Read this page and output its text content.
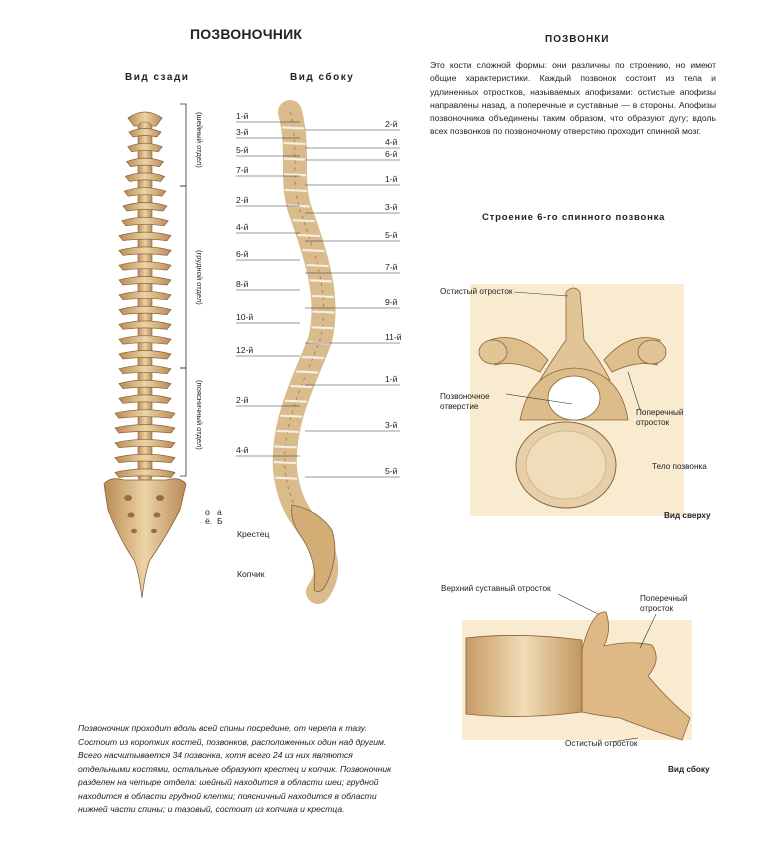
ПОЗВОНОЧНИК
Вид сзади	Вид сбоку
ПОЗВОНКИ
Это кости сложной формы: они различны по строению, но имеют общие характеристики. Каждый позвонок состоит из тела и удлиненных отростков, называемых апофизами: остистые апофизы направлены назад, а поперечные и суставные — в стороны. Апофизы позвоночника объединены таким образом, что образуют дугу; вдоль всех позвонков по позвоночному отверстию проходит спинной мозг.
Строение 6-го спинного позвонка
(шейный отдел)
(грудной отдел)
(поясничный отдел)
о а
ё. Б
1-й
3-й
5-й
7-й
2-й
4-й
6-й
8-й
10-й
12-й
2-й
4-й
2-й
4-й
6-й
1-й
3-й
5-й
7-й
9-й
11-й
1-й
3-й
5-й
Крестец
Копчик
Остистый отросток
Позвоночное отверстие
Поперечный отросток
Тело позвонка
Вид сверху
Верхний суставный отросток
Поперечный отросток
Остистый отросток
Вид сбоку
Позвоночник проходит вдоль всей спины посредине, от черепа к тазу. Состоит из коротких костей, позвонков, расположенных один над другим. Всего насчитывается 34 позвонка, хотя всего 24 из них являются отдельными костями, остальные образуют крестец и копчик. Позвоночник разделен на четыре отдела: шейный находится в области шеи; грудной находится в области грудной клетки; поясничный находится в области нижней части спины; и тазовый, состоит из копчика и крестца.
